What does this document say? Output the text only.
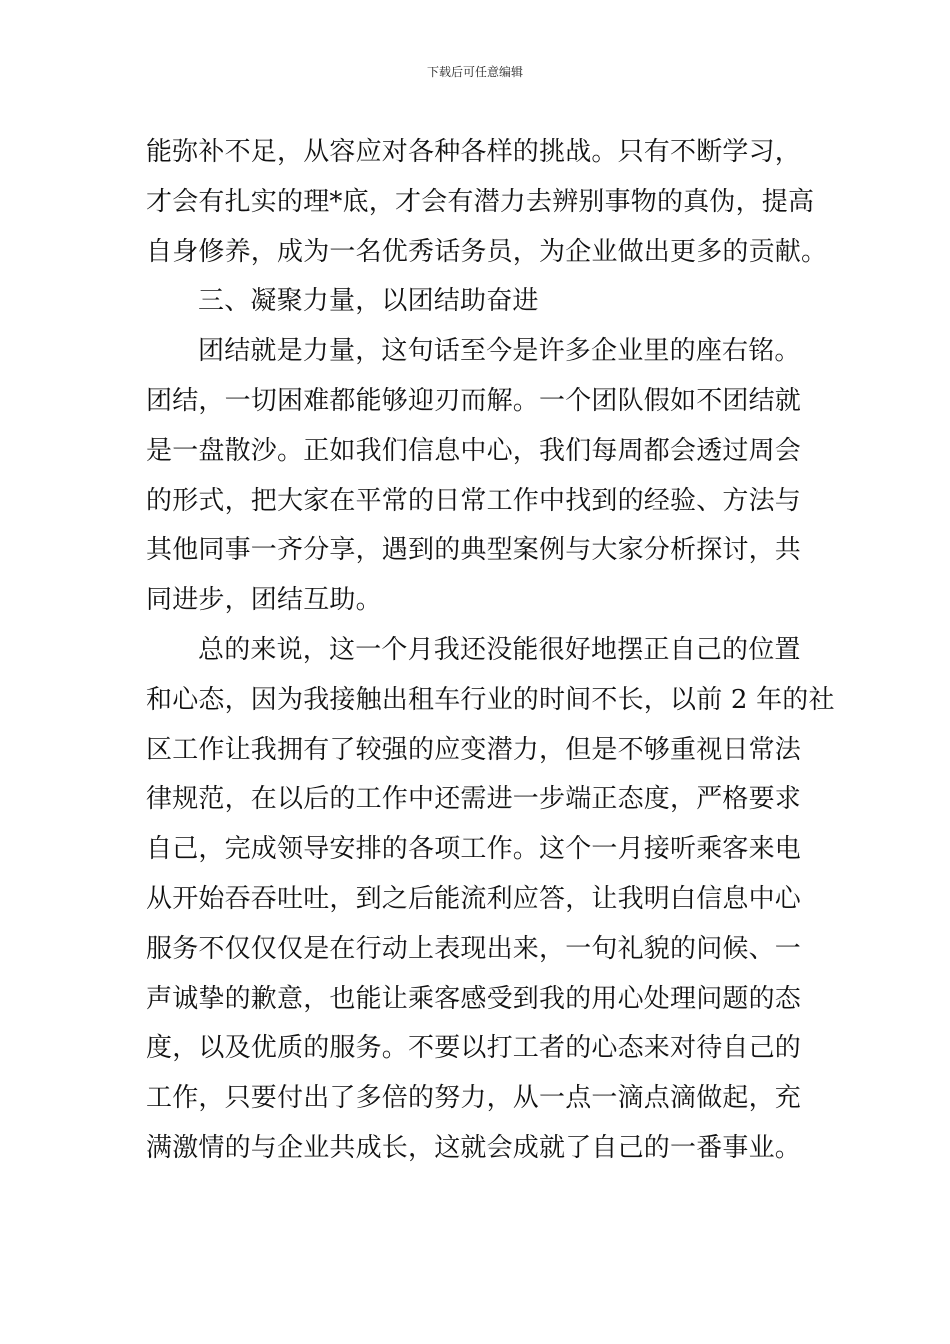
下载后可任意编辑
能弥补不足，从容应对各种各样的挑战。只有不断学习，
才会有扎实的理*底，才会有潜力去辨别事物的真伪，提高
自身修养，成为一名优秀话务员，为企业做出更多的贡献。
三、凝聚力量，以团结助奋进
团结就是力量，这句话至今是许多企业里的座右铭。
团结，一切困难都能够迎刃而解。一个团队假如不团结就
是一盘散沙。正如我们信息中心，我们每周都会透过周会
的形式，把大家在平常的日常工作中找到的经验、方法与
其他同事一齐分享，遇到的典型案例与大家分析探讨，共
同进步，团结互助。
总的来说，这一个月我还没能很好地摆正自己的位置
和心态，因为我接触出租车行业的时间不长，以前 2 年的社
区工作让我拥有了较强的应变潜力，但是不够重视日常法
律规范，在以后的工作中还需进一步端正态度，严格要求
自己，完成领导安排的各项工作。这个一月接听乘客来电
从开始吞吞吐吐，到之后能流利应答，让我明白信息中心
服务不仅仅仅是在行动上表现出来，一句礼貌的问候、一
声诚挚的歉意，也能让乘客感受到我的用心处理问题的态
度，以及优质的服务。不要以打工者的心态来对待自己的
工作，只要付出了多倍的努力，从一点一滴点滴做起，充
满激情的与企业共成长，这就会成就了自己的一番事业。
